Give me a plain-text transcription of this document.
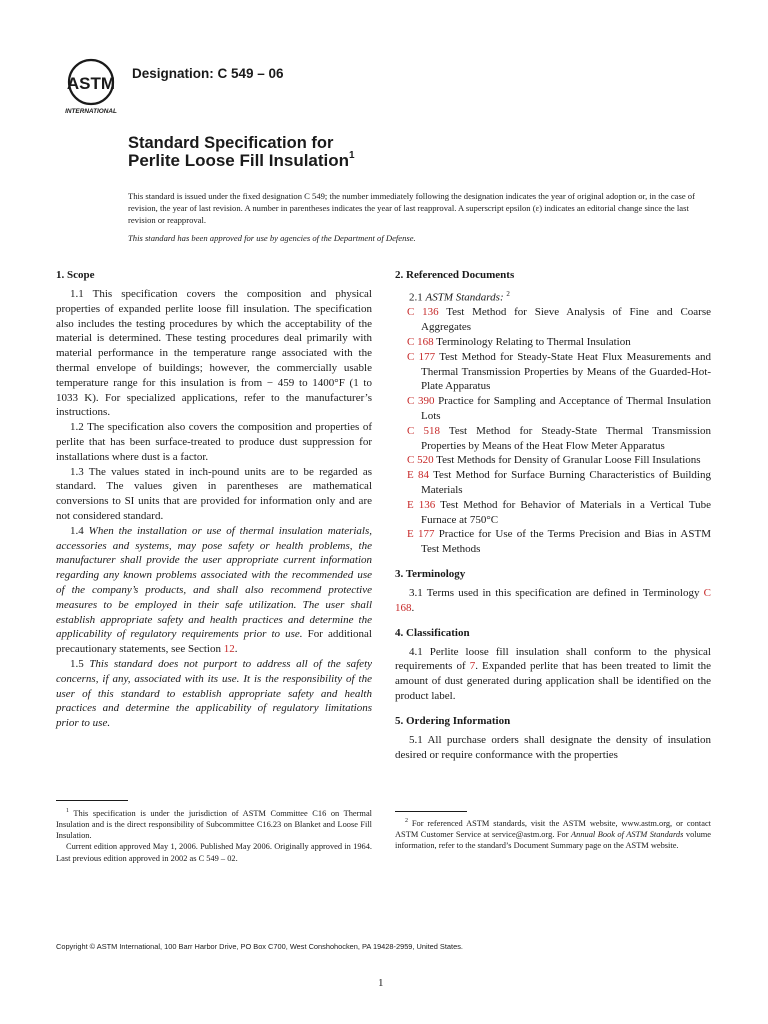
ASTM
INTERNATIONAL
Designation: C 549 – 06
Standard Specification for
Perlite Loose Fill Insulation$^1$
This standard is issued under the fixed designation C 549; the number immediately following the designation indicates the year of original adoption or, in the case of revision, the year of last revision. A number in parentheses indicates the year of last reapproval. A superscript epsilon (ε) indicates an editorial change since the last revision or reapproval.
This standard has been approved for use by agencies of the Department of Defense.
1. Scope

1.1 This specification covers the composition and physical properties of expanded perlite loose fill insulation. The specification also includes the testing procedures by which the acceptability of the material is determined. These testing procedures deal primarily with material performance in the temperature range associated with the thermal envelope of buildings; however, the commercially usable temperature range for this insulation is from − 459 to 1400°F (1 to 1033 K). For specialized applications, refer to the manufacturer’s instructions.

1.2 The specification also covers the composition and properties of perlite that has been surface-treated to produce dust suppression for installations where dust is a factor.

1.3 The values stated in inch-pound units are to be regarded as standard. The values given in parentheses are mathematical conversions to SI units that are provided for information only and are not considered standard.

1.4 When the installation or use of thermal insulation materials, accessories and systems, may pose safety or health problems, the manufacturer shall provide the user appropriate current information regarding any known problems associated with the recommended use of the company’s products, and shall also recommend protective measures to be employed in their safe utilization. The user shall establish appropriate safety and health practices and determine the applicability of regulatory requirements prior to use. For additional precautionary statements, see Section 12.

1.5 This standard does not purport to address all of the safety concerns, if any, associated with its use. It is the responsibility of the user of this standard to establish appropriate safety and health practices and determine the applicability of regulatory limitations prior to use.

2. Referenced Documents

2.1 ASTM Standards: $^2$

C 136 Test Method for Sieve Analysis of Fine and Coarse Aggregates
C 168 Terminology Relating to Thermal Insulation
C 177 Test Method for Steady-State Heat Flux Measurements and Thermal Transmission Properties by Means of the Guarded-Hot-Plate Apparatus
C 390 Practice for Sampling and Acceptance of Thermal Insulation Lots
C 518 Test Method for Steady-State Thermal Transmission Properties by Means of the Heat Flow Meter Apparatus
C 520 Test Methods for Density of Granular Loose Fill Insulations
E 84 Test Method for Surface Burning Characteristics of Building Materials
E 136 Test Method for Behavior of Materials in a Vertical Tube Furnace at 750°C
E 177 Practice for Use of the Terms Precision and Bias in ASTM Test Methods
3. Terminology

3.1 Terms used in this specification are defined in Terminology C 168.

4. Classification

4.1 Perlite loose fill insulation shall conform to the physical requirements of 7. Expanded perlite that has been treated to limit the amount of dust generated during application shall be identified on the product label.

5. Ordering Information

5.1 All purchase orders shall designate the density of insulation desired or require conformance with the properties

$^1$ This specification is under the jurisdiction of ASTM Committee C16 on Thermal Insulation and is the direct responsibility of Subcommittee C16.23 on Blanket and Loose Fill Insulation.

Current edition approved May 1, 2006. Published May 2006. Originally approved in 1964. Last previous edition approved in 2002 as C 549 – 02.

$^2$ For referenced ASTM standards, visit the ASTM website, www.astm.org, or contact ASTM Customer Service at service@astm.org. For Annual Book of ASTM Standards volume information, refer to the standard’s Document Summary page on the ASTM website.

Copyright © ASTM International, 100 Barr Harbor Drive, PO Box C700, West Conshohocken, PA 19428-2959, United States.
1
